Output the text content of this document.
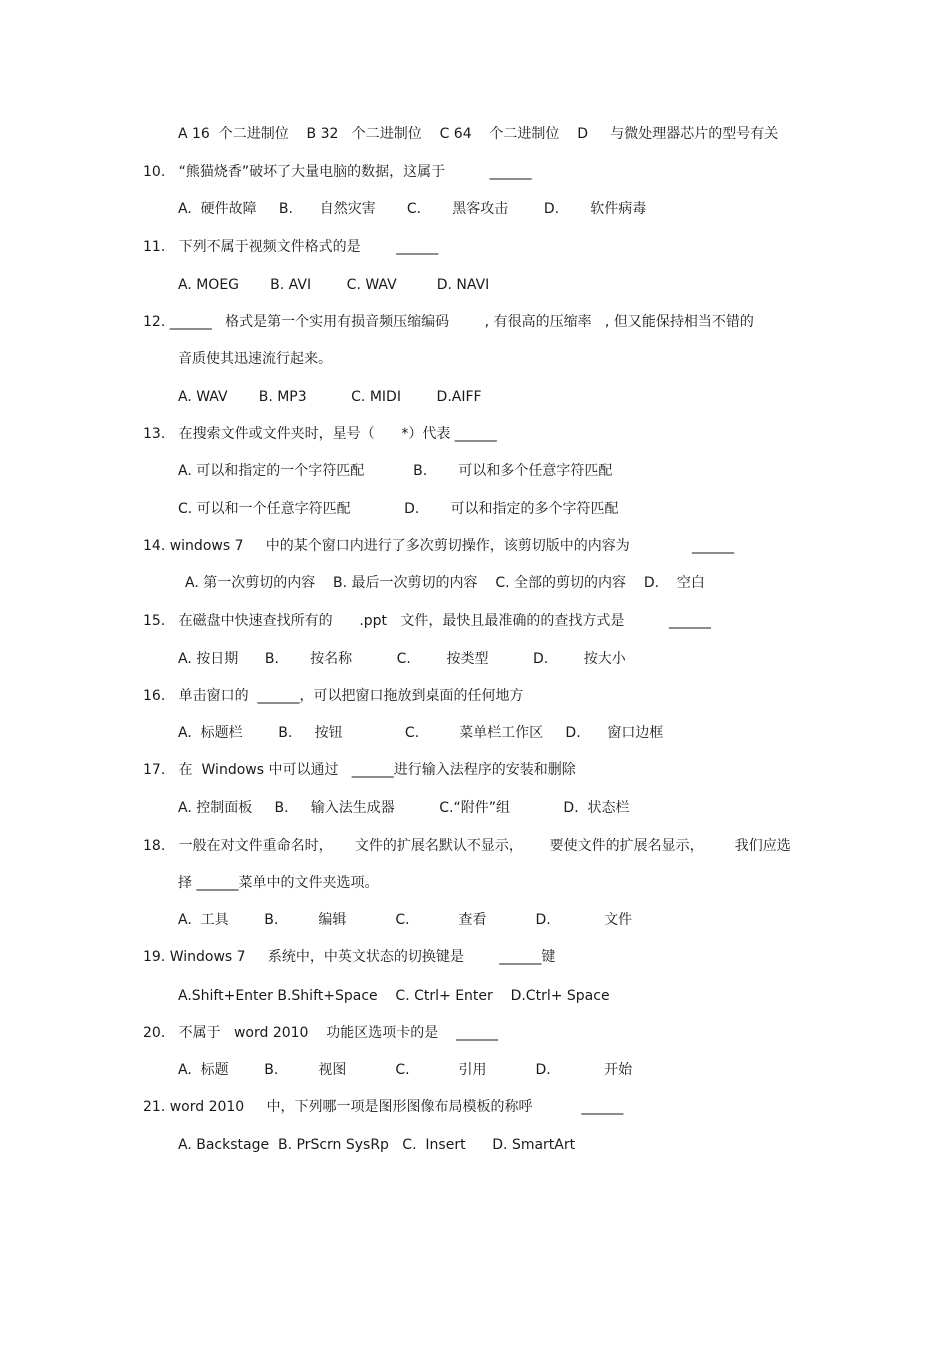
A 16  个二进制位    B 32   个二进制位    C 64    个二进制位    D     与微处理器芯片的型号有关
10.   “熊猫烧香”破坏了大量电脑的数据，这属于          ______
A.  硬件故障     B.      自然灾害       C.       黑客攻击        D.       软件病毒
11.   下列不属于视频文件格式的是        ______
A. MOEG       B. AVI        C. WAV         D. NAVI
12. ______   格式是第一个实用有损音频压缩编码        , 有很高的压缩率   , 但又能保持相当不错的
音质使其迅速流行起来。
A. WAV       B. MP3          C. MIDI        D.AIFF
13.   在搜索文件或文件夹时，星号（      *）代表 ______
A. 可以和指定的一个字符匹配           B.       可以和多个任意字符匹配
C. 可以和一个任意字符匹配            D.       可以和指定的多个字符匹配
14. windows 7     中的某个窗口内进行了多次剪切操作，该剪切版中的内容为              ______
A. 第一次剪切的内容    B. 最后一次剪切的内容    C. 全部的剪切的内容    D.    空白
15.   在磁盘中快速查找所有的      .ppt   文件，最快且最准确的的查找方式是          ______
A. 按日期      B.       按名称          C.        按类型          D.        按大小
16.   单击窗口的  ______，可以把窗口拖放到桌面的任何地方
A.  标题栏        B.     按钮              C.         菜单栏工作区     D.      窗口边框
17.   在  Windows 中可以通过   ______进行输入法程序的安装和删除
A. 控制面板     B.     输入法生成器          C.“附件”组            D.  状态栏
18.   一般在对文件重命名时，     文件的扩展名默认不显示，      要使文件的扩展名显示，       我们应选
择 ______菜单中的文件夹选项。
A.  工具        B.         编辑           C.           查看           D.            文件
19. Windows 7     系统中，中英文状态的切换键是        ______键
A.Shift+Enter B.Shift+Space    C. Ctrl+ Enter    D.Ctrl+ Space
20.   不属于   word 2010    功能区选项卡的是    ______
A.  标题        B.         视图           C.           引用           D.            开始
21. word 2010     中，下列哪一项是图形图像布局模板的称呼           ______
A. Backstage  B. PrScrn SysRp   C.  Insert      D. SmartArt
